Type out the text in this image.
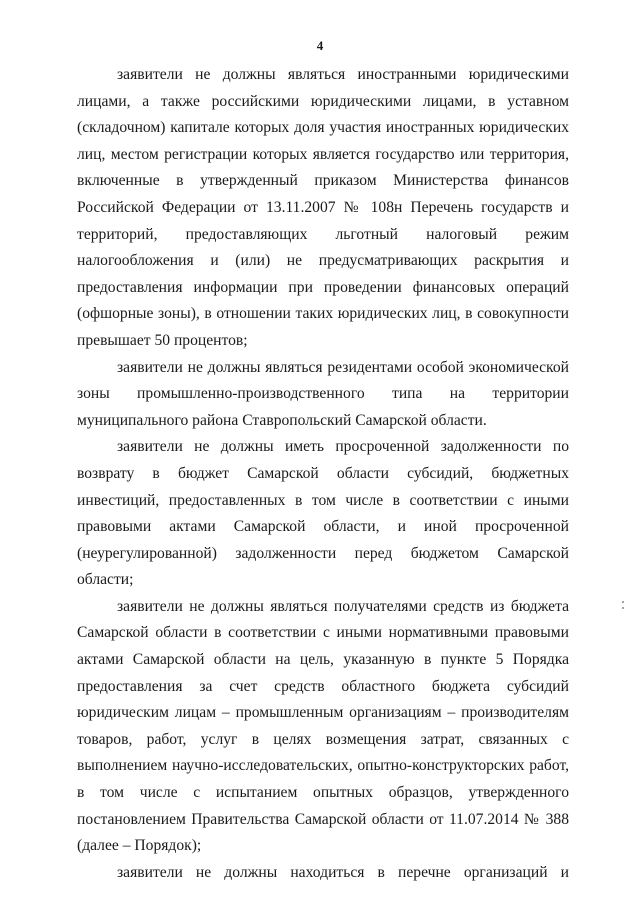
4

заявители не должны являться иностранными юридическими лицами, а также российскими юридическими лицами, в уставном (складочном) капитале которых доля участия иностранных юридических лиц, местом регистрации которых является государство или территория, включенные в утвержденный приказом Министерства финансов Российской Федерации от 13.11.2007 № 108н Перечень государств и территорий, предоставляющих льготный налоговый режим налогообложения и (или) не предусматривающих раскрытия и предоставления информации при проведении финансовых операций (офшорные зоны), в отношении таких юридических лиц, в совокупности превышает 50 процентов;

заявители не должны являться резидентами особой экономической зоны промышленно-производственного типа на территории муниципального района Ставропольский Самарской области.

заявители не должны иметь просроченной задолженности по возврату в бюджет Самарской области субсидий, бюджетных инвестиций, предоставленных в том числе в соответствии с иными правовыми актами Самарской области, и иной просроченной (неурегулированной) задолженности перед бюджетом Самарской области;

заявители не должны являться получателями средств из бюджета Самарской области в соответствии с иными нормативными правовыми актами Самарской области на цель, указанную в пункте 5 Порядка предоставления за счет средств областного бюджета субсидий юридическим лицам – промышленным организациям – производителям товаров, работ, услуг в целях возмещения затрат, связанных с выполнением научно-исследовательских, опытно-конструкторских работ, в том числе с испытанием опытных образцов, утвержденного постановлением Правительства Самарской области от 11.07.2014 № 388 (далее – Порядок);

заявители не должны находиться в перечне организаций и
